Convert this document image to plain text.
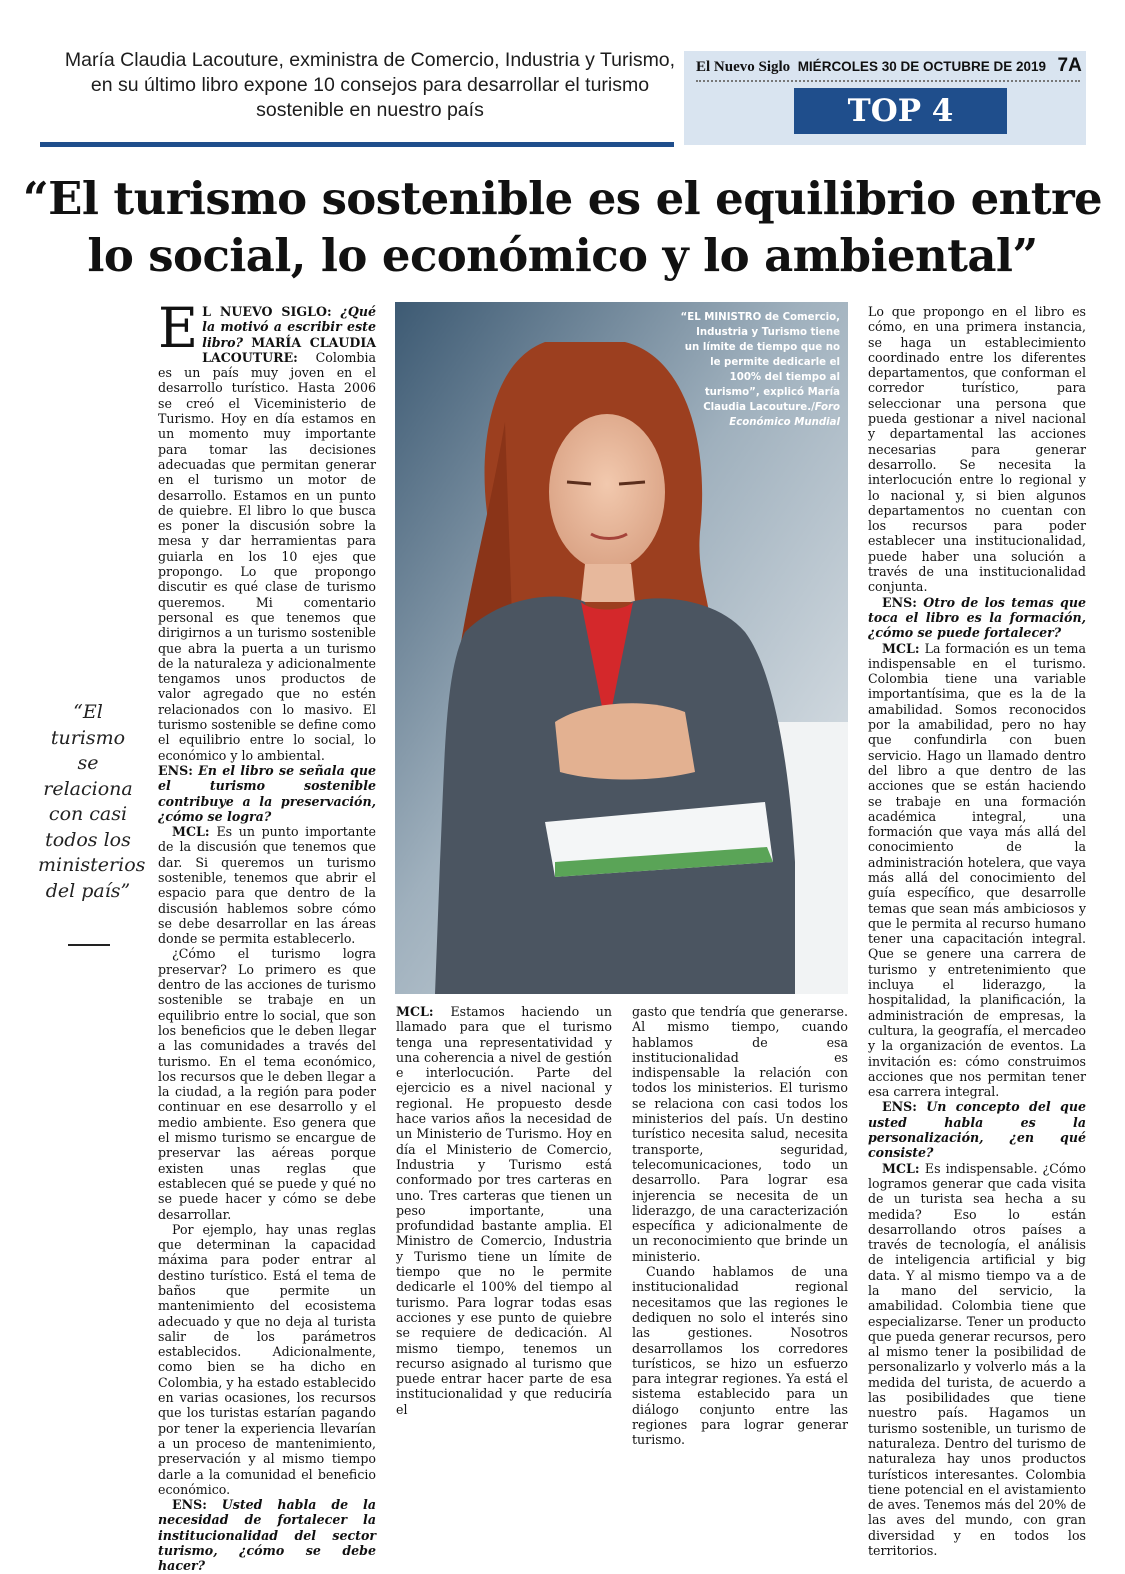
María Claudia Lacouture, exministra de Comercio, Industria y Turismo, en su último libro expone 10 consejos para desarrollar el turismo sostenible en nuestro país
El Nuevo Siglo MIÉRCOLES 30 DE OCTUBRE DE 2019 7A
TOP 4
“El turismo sostenible es el equilibrio entre lo social, lo económico y lo ambiental”

E L NUEVO SIGLO: ¿Qué la motivó a escribir este libro? MARÍA CLAUDIA LACOUTURE: Colombia es un país muy joven en el desarrollo turístico. Hasta 2006 se creó el Viceministerio de Turismo. Hoy en día estamos en un momento muy importante para tomar las decisiones adecuadas que permitan generar en el turismo un motor de desarrollo. Estamos en un punto de quiebre. El libro lo que busca es poner la discusión sobre la mesa y dar herramientas para guiarla en los 10 ejes que propongo. Lo que propongo discutir es qué clase de turismo queremos. Mi comentario personal es que tenemos que dirigirnos a un turismo sostenible que abra la puerta a un turismo de la naturaleza y adicionalmente tengamos unos productos de valor agregado que no estén relacionados con lo masivo. El turismo sostenible se define como el equilibrio entre lo social, lo económico y lo ambiental.

ENS: En el libro se señala que el turismo sostenible contribuye a la preservación, ¿cómo se logra?

MCL: Es un punto importante de la discusión que tenemos que dar. Si queremos un turismo sostenible, tenemos que abrir el espacio para que dentro de la discusión hablemos sobre cómo se debe desarrollar en las áreas donde se permita establecerlo.

¿Cómo el turismo logra preservar? Lo primero es que dentro de las acciones de turismo sostenible se trabaje en un equilibrio entre lo social, que son los beneficios que le deben llegar a las comunidades a través del turismo. En el tema económico, los recursos que le deben llegar a la ciudad, a la región para poder continuar en ese desarrollo y el medio ambiente. Eso genera que el mismo turismo se encargue de preservar las aéreas porque existen unas reglas que establecen qué se puede y qué no se puede hacer y cómo se debe desarrollar.

Por ejemplo, hay unas reglas que determinan la capacidad máxima para poder entrar al destino turístico. Está el tema de baños que permite un mantenimiento del ecosistema adecuado y que no deja al turista salir de los parámetros establecidos. Adicionalmente, como bien se ha dicho en Colombia, y ha estado establecido en varias ocasiones, los recursos que los turistas estarían pagando por tener la experiencia llevarían a un proceso de mantenimiento, preservación y al mismo tiempo darle a la comunidad el beneficio económico.

ENS: Usted habla de la necesidad de fortalecer la institucionalidad del sector turismo, ¿cómo se debe hacer?

“El turismo se relaciona con casi todos los ministerios del país”
“EL MINISTRO de Comercio, Industria y Turismo tiene un límite de tiempo que no le permite dedicarle el 100% del tiempo al turismo”, explicó María Claudia Lacouture./Foro Económico Mundial

MCL: Estamos haciendo un llamado para que el turismo tenga una representatividad y una coherencia a nivel de gestión e interlocución. Parte del ejercicio es a nivel nacional y regional. He propuesto desde hace varios años la necesidad de un Ministerio de Turismo. Hoy en día el Ministerio de Comercio, Industria y Turismo está conformado por tres carteras en uno. Tres carteras que tienen un peso importante, una profundidad bastante amplia. El Ministro de Comercio, Industria y Turismo tiene un límite de tiempo que no le permite dedicarle el 100% del tiempo al turismo. Para lograr todas esas acciones y ese punto de quiebre se requiere de dedicación. Al mismo tiempo, tenemos un recurso asignado al turismo que puede entrar hacer parte de esa institucionalidad y que reduciría el

gasto que tendría que generarse. Al mismo tiempo, cuando hablamos de esa institucionalidad es indispensable la relación con todos los ministerios. El turismo se relaciona con casi todos los ministerios del país. Un destino turístico necesita salud, necesita transporte, seguridad, telecomunicaciones, todo un desarrollo. Para lograr esa injerencia se necesita de un liderazgo, de una caracterización específica y adicionalmente de un reconocimiento que brinde un ministerio.

Cuando hablamos de una institucionalidad regional necesitamos que las regiones le dediquen no solo el interés sino las gestiones. Nosotros desarrollamos los corredores turísticos, se hizo un esfuerzo para integrar regiones. Ya está el sistema establecido para un diálogo conjunto entre las regiones para lograr generar turismo.

Lo que propongo en el libro es cómo, en una primera instancia, se haga un establecimiento coordinado entre los diferentes departamentos, que conforman el corredor turístico, para seleccionar una persona que pueda gestionar a nivel nacional y departamental las acciones necesarias para generar desarrollo. Se necesita la interlocución entre lo regional y lo nacional y, si bien algunos departamentos no cuentan con los recursos para poder establecer una institucionalidad, puede haber una solución a través de una institucionalidad conjunta.

ENS: Otro de los temas que toca el libro es la formación, ¿cómo se puede fortalecer?

MCL: La formación es un tema indispensable en el turismo. Colombia tiene una variable importantísima, que es la de la amabilidad. Somos reconocidos por la amabilidad, pero no hay que confundirla con buen servicio. Hago un llamado dentro del libro a que dentro de las acciones que se están haciendo se trabaje en una formación académica integral, una formación que vaya más allá del conocimiento de la administración hotelera, que vaya más allá del conocimiento del guía específico, que desarrolle temas que sean más ambiciosos y que le permita al recurso humano tener una capacitación integral. Que se genere una carrera de turismo y entretenimiento que incluya el liderazgo, la hospitalidad, la planificación, la administración de empresas, la cultura, la geografía, el mercadeo y la organización de eventos. La invitación es: cómo construimos acciones que nos permitan tener esa carrera integral.

ENS: Un concepto del que usted habla es la personalización, ¿en qué consiste?

MCL: Es indispensable. ¿Cómo logramos generar que cada visita de un turista sea hecha a su medida? Eso lo están desarrollando otros países a través de tecnología, el análisis de inteligencia artificial y big data. Y al mismo tiempo va a de la mano del servicio, la amabilidad. Colombia tiene que especializarse. Tener un producto que pueda generar recursos, pero al mismo tener la posibilidad de personalizarlo y volverlo más a la medida del turista, de acuerdo a las posibilidades que tiene nuestro país. Hagamos un turismo sostenible, un turismo de naturaleza. Dentro del turismo de naturaleza hay unos productos turísticos interesantes. Colombia tiene potencial en el avistamiento de aves. Tenemos más del 20% de las aves del mundo, con gran diversidad y en todos los territorios.
